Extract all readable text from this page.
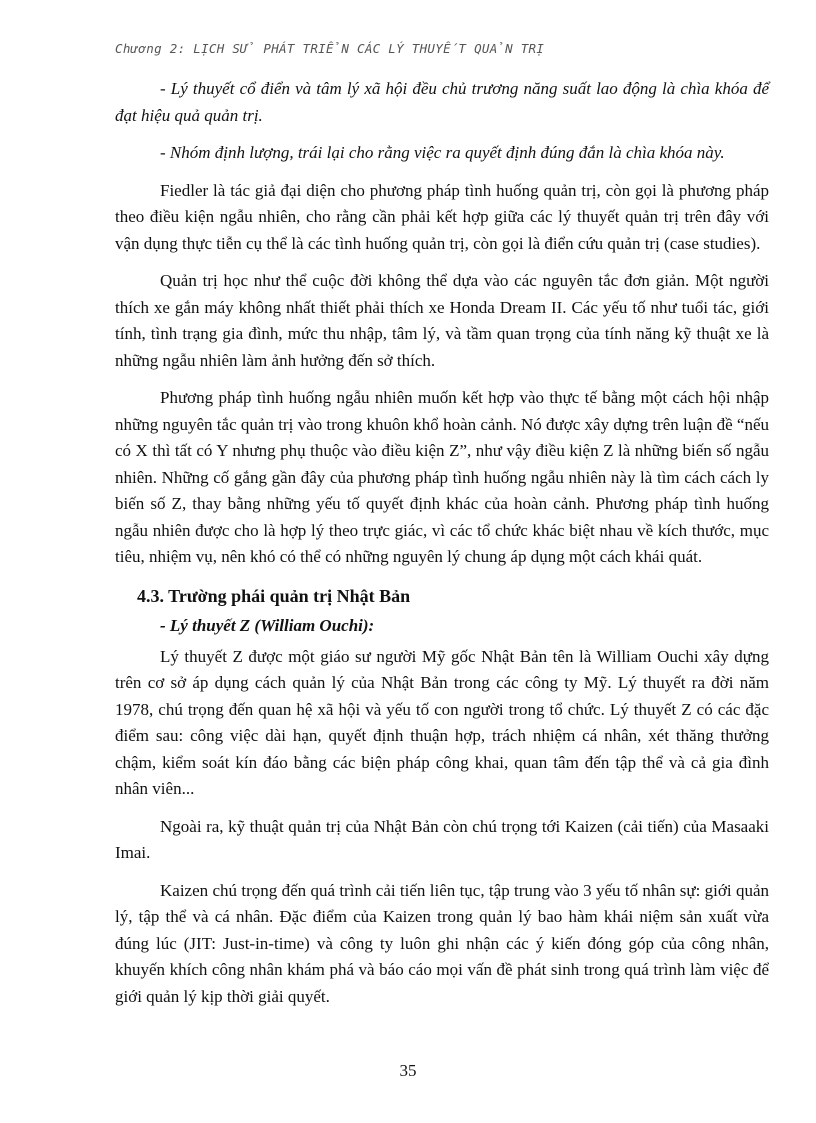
Chương 2: LỊCH SỬ PHÁT TRIỂN CÁC LÝ THUYẾT QUẢN TRỊ

- Lý thuyết cổ điển và tâm lý xã hội đều chủ trương năng suất lao động là chìa khóa để đạt hiệu quả quản trị.

- Nhóm định lượng, trái lại cho rằng việc ra quyết định đúng đắn là chìa khóa này.

Fiedler là tác giả đại diện cho phương pháp tình huống quản trị, còn gọi là phương pháp theo điều kiện ngẫu nhiên, cho rằng cần phải kết hợp giữa các lý thuyết quản trị trên đây với vận dụng thực tiễn cụ thể là các tình huống quản trị, còn gọi là điển cứu quản trị (case studies).

Quản trị học như thể cuộc đời không thể dựa vào các nguyên tắc đơn giản. Một người thích xe gắn máy không nhất thiết phải thích xe Honda Dream II. Các yếu tố như tuổi tác, giới tính, tình trạng gia đình, mức thu nhập, tâm lý, và tầm quan trọng của tính năng kỹ thuật xe là những ngẫu nhiên làm ảnh hưởng đến sở thích.

Phương pháp tình huống ngẫu nhiên muốn kết hợp vào thực tế bằng một cách hội nhập những nguyên tắc quản trị vào trong khuôn khổ hoàn cảnh. Nó được xây dựng trên luận đề “nếu có X thì tất có Y nhưng phụ thuộc vào điều kiện Z”, như vậy điều kiện Z là những biến số ngẫu nhiên. Những cố gắng gần đây của phương pháp tình huống ngẫu nhiên này là tìm cách cách ly biến số Z, thay bằng những yếu tố quyết định khác của hoàn cảnh. Phương pháp tình huống ngẫu nhiên được cho là hợp lý theo trực giác, vì các tổ chức khác biệt nhau về kích thước, mục tiêu, nhiệm vụ, nên khó có thể có những nguyên lý chung áp dụng một cách khái quát.

4.3. Trường phái quản trị Nhật Bản

- Lý thuyết Z (William Ouchi):

Lý thuyết Z được một giáo sư người Mỹ gốc Nhật Bản tên là William Ouchi xây dựng trên cơ sở áp dụng cách quản lý của Nhật Bản trong các công ty Mỹ. Lý thuyết ra đời năm 1978, chú trọng đến quan hệ xã hội và yếu tố con người trong tổ chức. Lý thuyết Z có các đặc điểm sau: công việc dài hạn, quyết định thuận hợp, trách nhiệm cá nhân, xét thăng thưởng chậm, kiểm soát kín đáo bằng các biện pháp công khai, quan tâm đến tập thể và cả gia đình nhân viên...

Ngoài ra, kỹ thuật quản trị của Nhật Bản còn chú trọng tới Kaizen (cải tiến) của Masaaki Imai.

Kaizen chú trọng đến quá trình cải tiến liên tục, tập trung vào 3 yếu tố nhân sự: giới quản lý, tập thể và cá nhân. Đặc điểm của Kaizen trong quản lý bao hàm khái niệm sản xuất vừa đúng lúc (JIT: Just-in-time) và công ty luôn ghi nhận các ý kiến đóng góp của công nhân, khuyến khích công nhân khám phá và báo cáo mọi vấn đề phát sinh trong quá trình làm việc để giới quản lý kịp thời giải quyết.

35
